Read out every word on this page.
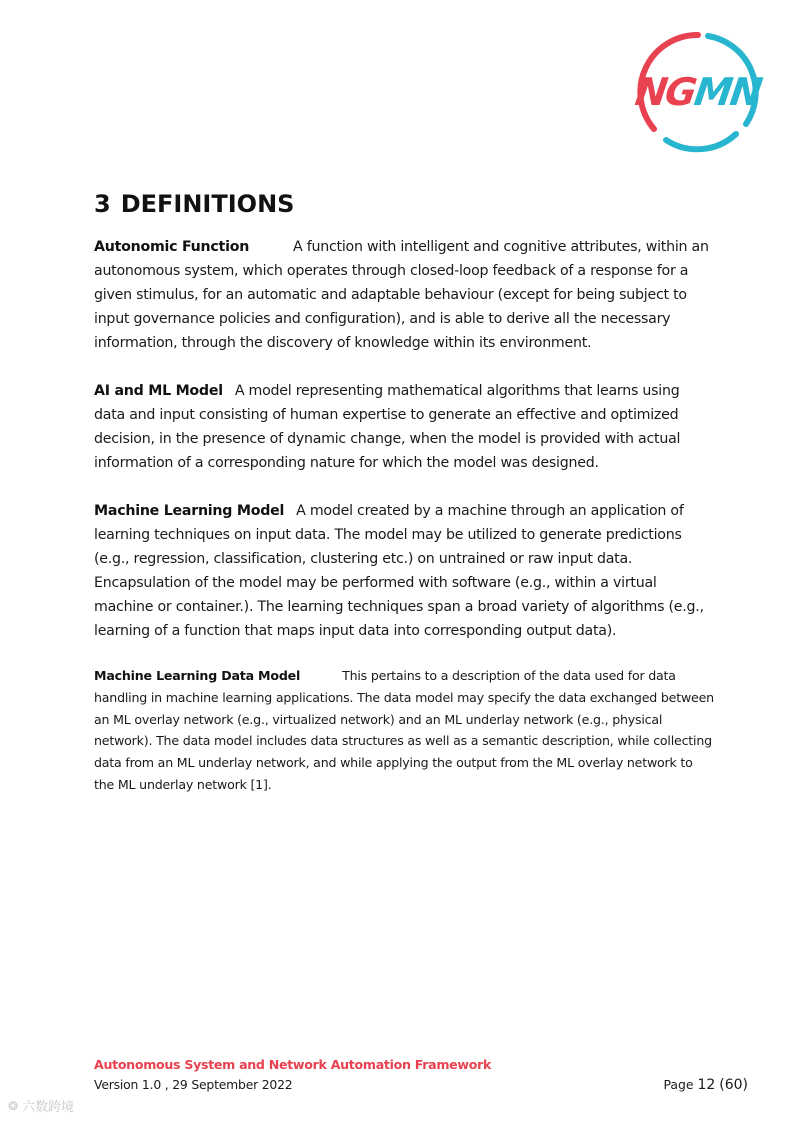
NG
MN
3 DEFINITIONS

Autonomic Function	A function with intelligent and cognitive attributes, within an autonomous system, which operates through closed-loop feedback of a response for a given stimulus, for an automatic and adaptable behaviour (except for being subject to input governance policies and configuration), and is able to derive all the necessary information, through the discovery of knowledge within its environment.

AI and ML Model A model representing mathematical algorithms that learns using data and input consisting of human expertise to generate an effective and optimized decision, in the presence of dynamic change, when the model is provided with actual information of a corresponding nature for which the model was designed.

Machine Learning Model A model created by a machine through an application of learning techniques on input data. The model may be utilized to generate predictions (e.g., regression, classification, clustering etc.) on untrained or raw input data. Encapsulation of the model may be performed with software (e.g., within a virtual machine or container.). The learning techniques span a broad variety of algorithms (e.g., learning of a function that maps input data into corresponding output data).

Machine Learning Data Model	This pertains to a description of the data used for data handling in machine learning applications. The data model may specify the data exchanged between an ML overlay network (e.g., virtualized network) and an ML underlay network (e.g., physical network). The data model includes data structures as well as a semantic description, while collecting data from an ML underlay network, and while applying the output from the ML overlay network to the ML underlay network [1].

Autonomous System and Network Automation Framework
Version 1.0 , 29 September 2022	Page 12 (60)
❂ 六数跨境
